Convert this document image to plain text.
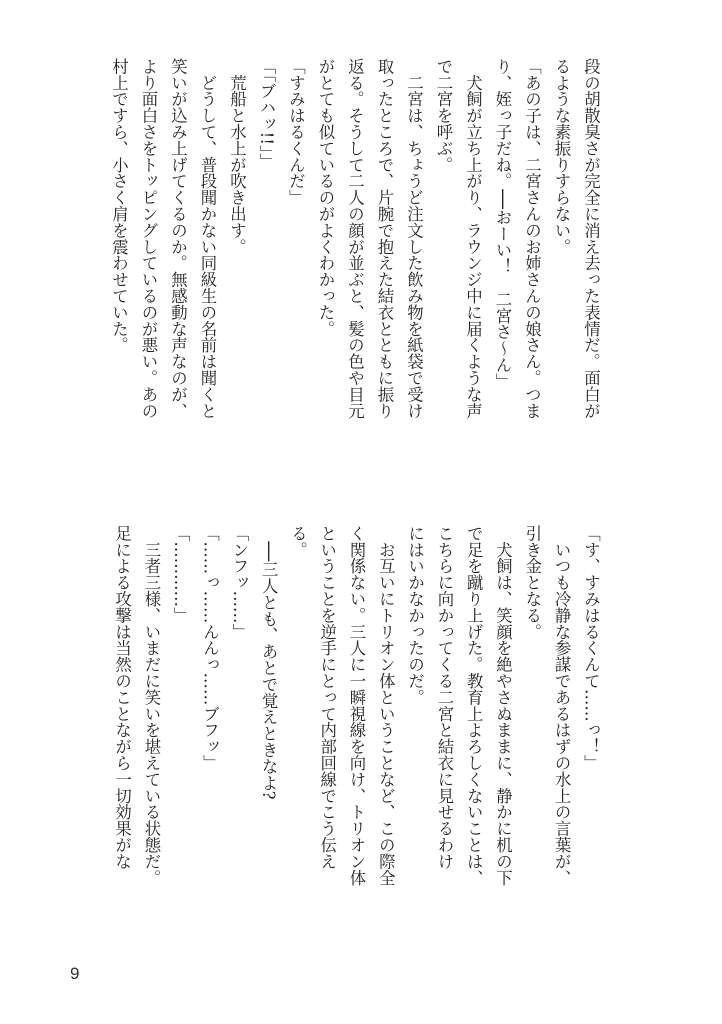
段の胡散臭さが完全に消え去った表情だ。面白が
るような素振りすらない。
「あの子は、二宮さんのお姉さんの娘さん。つま
り、姪っ子だね。──おーい！　二宮さ〜ん」
　犬飼が立ち上がり、ラウンジ中に届くような声
で二宮を呼ぶ。
　二宮は、ちょうど注文した飲み物を紙袋で受け
取ったところで、片腕で抱えた結衣とともに振り
返る。そうして二人の顔が並ぶと、髪の色や目元
がとても似ているのがよくわかった。
「すみはるくんだ」
「「ブハッ!!」」
　荒船と水上が吹き出す。
　どうして、普段聞かない同級生の名前は聞くと
笑いが込み上げてくるのか。無感動な声なのが、
より面白さをトッピングしているのが悪い。あの
村上ですら、小さく肩を震わせていた。
「す、すみはるくんて……っ！」
　いつも冷静な参謀であるはずの水上の言葉が、
引き金となる。
　犬飼は、笑顔を絶やさぬままに、静かに机の下
で足を蹴り上げた。教育上よろしくないことは、
こちらに向かってくる二宮と結衣に見せるわけ
にはいかなかったのだ。
　お互いにトリオン体ということなど、この際全
く関係ない。三人に一瞬視線を向け、トリオン体
ということを逆手にとって内部回線でこう伝え
る。
　──三人とも、あとで覚えときなよ?
「ンフッ……」
「……っ……んんっ……ブフッ」
「…………」
　三者三様、いまだに笑いを堪えている状態だ。
足による攻撃は当然のことながら一切効果がな
9
